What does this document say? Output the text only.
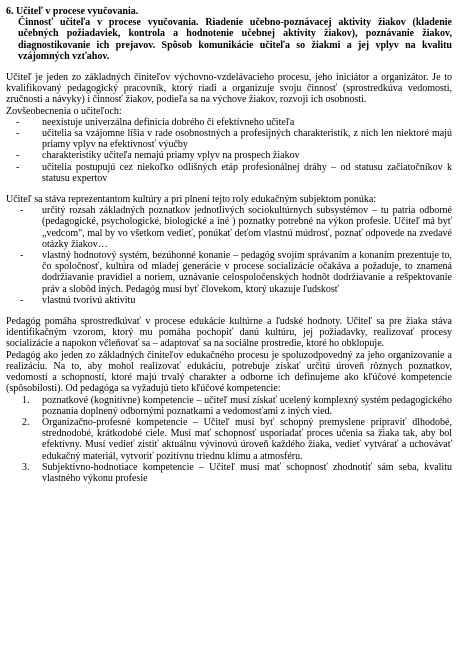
6. Učiteľ v procese vyučovania.

Činnosť učiteľa v procese vyučovania. Riadenie učebno-poznávacej aktivity žiakov (kladenie učebných požiadaviek, kontrola a hodnotenie učebnej aktivity žiakov), poznávanie žiakov, diagnostikovanie ich prejavov. Spôsob komunikácie učiteľa so žiakmi a jej vplyv na kvalitu vzájomných vzťahov.

Učiteľ je jeden zo základných činiteľov výchovno-vzdelávacieho procesu, jeho iniciátor a organizátor. Je to kvalifikovaný pedagogický pracovník, ktorý riadi a organizuje svoju činnosť (sprostredkúva vedomosti, zručnosti a návyky) i činnosť žiakov, podieľa sa na výchove žiakov, rozvoji ich osobnosti.

Zovšeobecnenia o učiteľoch:

- neexistuje univerzálna definícia dobrého či efektívneho učiteľa
- učitelia sa vzájomne líšia v rade osobnostných a profesijných charakteristík, z nich len niektoré majú priamy vplyv na efektívnosť výučby
- charakteristiky učiteľa nemajú priamy vplyv na prospech žiakov
- učitelia postupujú cez niekoľko odlišných etáp profesionálnej dráhy – od statusu začiatočníkov k statusu expertov

Učiteľ sa stáva reprezentantom kultúry a pri plnení tejto roly edukačným subjektom ponúka:

- určitý rozsah základných poznatkov jednotlivých sociokultúrnych subsystémov – tu patria odborné (pedagogické, psychologické, biologické a iné ) poznatky potrebné na výkon profesie. Učiteľ má byť „vedcom", mal by vo všetkom vedieť, ponúkať deťom vlastnú múdrosť, poznať odpovede na zvedavé otázky žiakov…
- vlastný hodnotový systém, bezúhonné konanie – pedagóg svojím správaním a konaním prezentuje to, čo spoločnosť, kultúra od mladej generácie v procese socializácie očakáva a požaduje, to znamená dodržiavanie pravidiel a noriem, uznávanie celospoločenských hodnôt dodržiavanie a rešpektovanie práv a slobôd iných. Pedagóg musí byť človekom, ktorý ukazuje ľudskosť
- vlastnú tvorivú aktivitu

Pedagóg pomáha sprostredkúvať v procese edukácie kultúrne a ľudské hodnoty. Učiteľ sa pre žiaka stáva identifikačným vzorom, ktorý mu pomáha pochopiť danú kultúru, jej požiadavky, realizovať procesy socializácie a napokon včleňovať sa – adaptovať sa na sociálne prostredie, ktoré ho obklopuje.

Pedagóg ako jeden zo základných činiteľov edukačného procesu je spoluzodpovedný za jeho organizovanie a realizáciu. Na to, aby mohol realizovať edukáciu, potrebuje získať určitú úroveň rôznych poznatkov, vedomostí a schopností, ktoré majú trvalý charakter a odborne ich definujeme ako kľúčové kompetencie (spôsobilosti). Od pedagóga sa vyžadujú tieto kľúčové kompetencie:

1. poznatkové (kognitívne) kompetencie – učiteľ musí získať ucelený komplexný systém pedagogického poznania doplnený odbornými poznatkami a vedomosťami z iných vied.
2. Organizačno-profesné kompetencie – Učiteľ musí byť schopný premyslene pripraviť dlhodobé, strednodobé, krátkodobé ciele. Musí mať schopnosť usporiadať proces učenia sa žiaka tak, aby bol efektívny. Musí vedieť zistiť aktuálnu vývinovú úroveň každého žiaka, vedieť vytvárať a uchovávať edukačný materiál, vytvoriť pozitívnu triednu klímu a atmosféru.
3. Subjektívno-hodnotiace kompetencie – Učiteľ musí mať schopnosť zhodnotiť sám seba, kvalitu vlastného výkonu profesie
